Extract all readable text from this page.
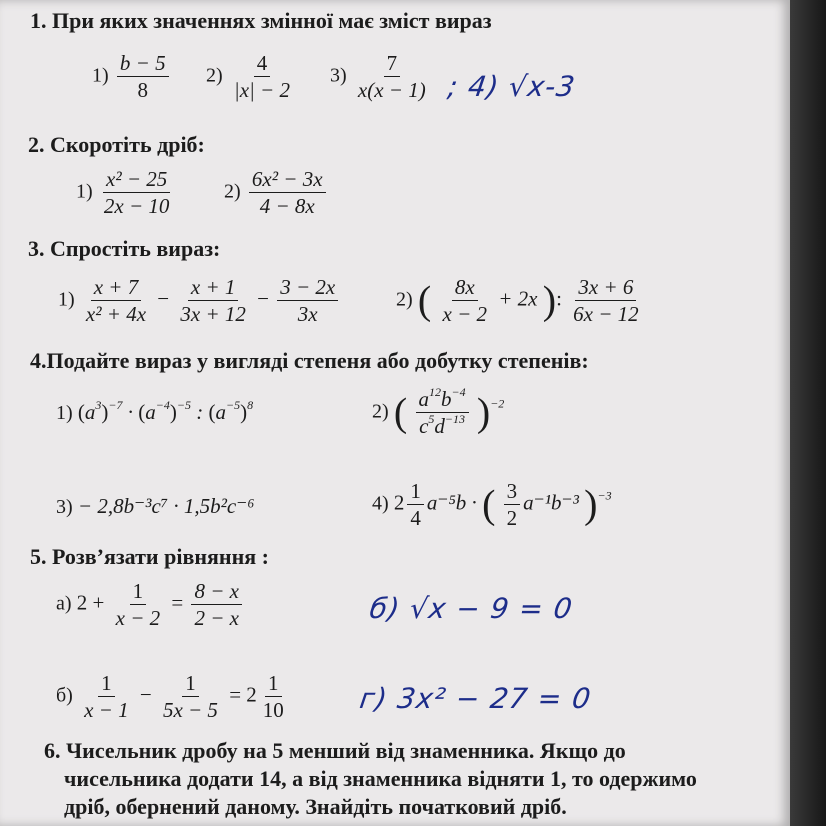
1. При яких значеннях змінної має зміст вираз
$1) \frac{b - 5}{8} 2) \frac{4}{|x| - 2} 3) \frac{7}{x(x - 1)}$ ; 4) √x-3
2. Скоротіть дріб:
$1) \frac{\text{x² − 25}}{2x - 10}$	$2) \frac{\text{6x² − 3x}}{4 - 8x}$
3. Спростіть вираз:
$1) \frac{x + 7}{\text{x² + 4x}} - \frac{x + 1}{3x + 12} - \frac{3 - 2x}{3x}$	2) ( $\frac{8x}{x - 2} + 2x$ ): $\frac{3x + 6}{6x - 12}$
4.Подайте вираз у вигляді степеня або добутку степенів:
1) $(a^3)^{-7} \cdot (a^{-4})^{-5}$ : $(a^{-5})^8$	2) ( $\frac{a^{12}b^{-4}}{c^5d^{-13}} )^{-2}$
3) − 2,8b⁻³c⁷ · 1,5b²c⁻⁶	4) $2 \frac{1}{4} a^{-5}b$ · ( $\frac{3}{2} a^{-1}b^{-3}$ )$^{-3}$
5. Розв’язати рівняння :
а) $2 + \frac{1}{x - 2} = \frac{8 - x}{2 - x}$	б) √x − 9 = 0
$б) \frac{1}{x - 1} - \frac{1}{5x - 5} = 2 \frac{1}{10}$	г) 3x² − 27 = 0
6. Чисельник дробу на 5 менший від знаменника. Якщо до
чисельника додати 14, а від знаменника відняти 1, то одержимо
дріб, обернений даному. Знайдіть початковий дріб.
